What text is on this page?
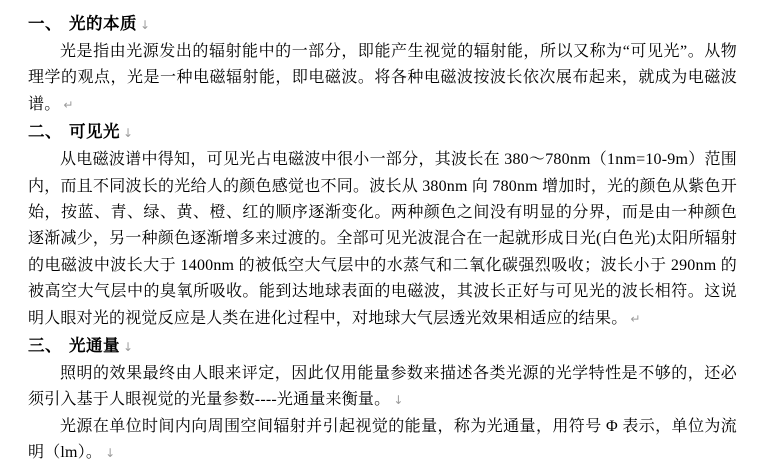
一、 光的本质 ↓

光是指由光源发出的辐射能中的一部分，即能产生视觉的辐射能，所以又称为“可见光”。从物理学的观点，光是一种电磁辐射能，即电磁波。将各种电磁波按波长依次展布起来，就成为电磁波谱。 ↵

二、 可见光 ↓

从电磁波谱中得知，可见光占电磁波中很小一部分，其波长在 380～780nm（1nm=10-9m）范围内，而且不同波长的光给人的颜色感觉也不同。波长从 380nm 向 780nm 增加时，光的颜色从紫色开始，按蓝、青、绿、黄、橙、红的顺序逐渐变化。两种颜色之间没有明显的分界，而是由一种颜色逐渐减少，另一种颜色逐渐增多来过渡的。全部可见光波混合在一起就形成日光(白色光)太阳所辐射的电磁波中波长大于 1400nm 的被低空大气层中的水蒸气和二氧化碳强烈吸收；波长小于 290nm 的被高空大气层中的臭氧所吸收。能到达地球表面的电磁波，其波长正好与可见光的波长相符。这说明人眼对光的视觉反应是人类在进化过程中，对地球大气层透光效果相适应的结果。 ↵

三、 光通量 ↓

照明的效果最终由人眼来评定，因此仅用能量参数来描述各类光源的光学特性是不够的，还必须引入基于人眼视觉的光量参数----光通量来衡量。 ↓

光源在单位时间内向周围空间辐射并引起视觉的能量，称为光通量，用符号 Φ 表示，单位为流明（lm）。 ↓
